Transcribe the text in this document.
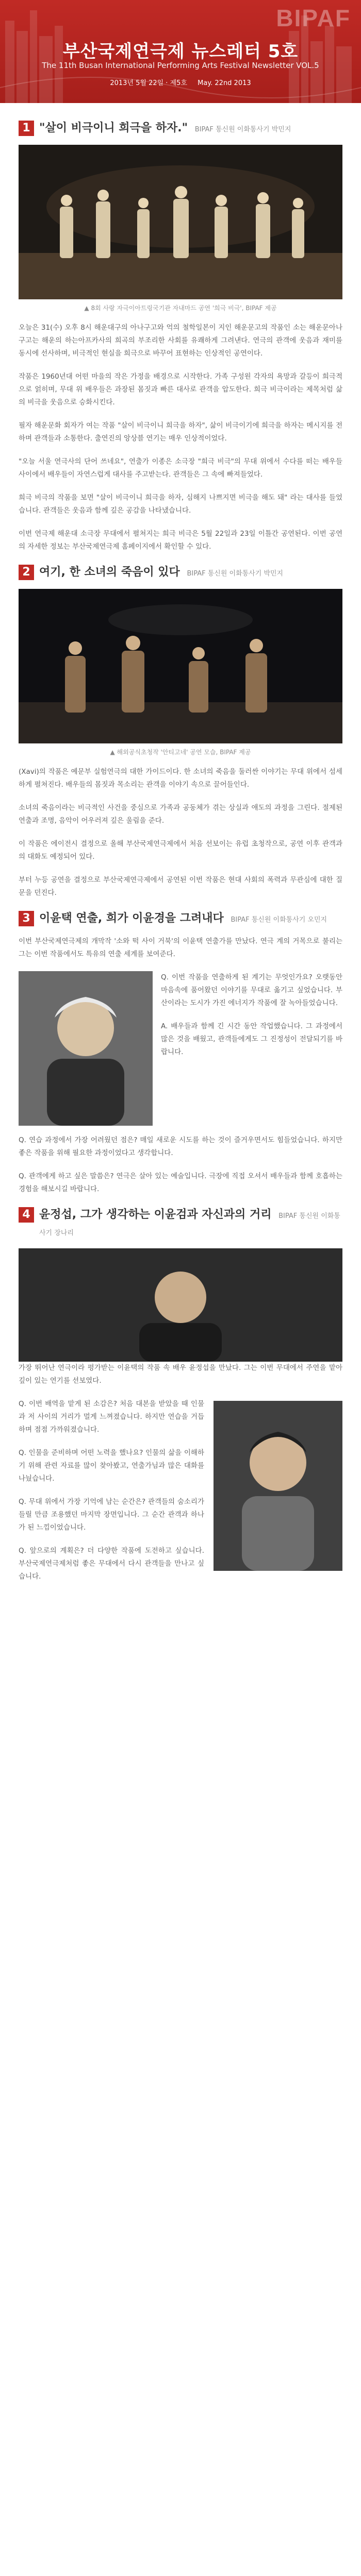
BIPAF
부산국제연극제 뉴스레터 5호
The 11th Busan International Performing Arts Festival Newsletter VOL.5
2013년 5월 22일 · 제5호 May. 22nd 2013
1 "살이 비극이니 희극을 하자." BIPAF 통신원 이화통사기 박민지
▲ 8회 사랑 자극이아트링국기관 자내마드 공연 '희극 비극', BIPAF 제공

오늘은 31(수) 오후 8시 해운대구의 아나구고와 억의 철학일본이 지인 해운문고의 작품인 소는 해운문아나구고는 해운의 하는아프카사의 희곡의 부조리한 사회를 유쾌하게 그려낸다. 연극의 관객에 웃음과 재미를 동시에 선사하며, 비극적인 현실을 희극으로 바꾸어 표현하는 인상적인 공연이다.

작품은 1960년대 어떤 마을의 작은 가정을 배경으로 시작한다. 가족 구성원 각자의 욕망과 갈등이 희극적으로 얽히며, 무대 위 배우들은 과장된 몸짓과 빠른 대사로 관객을 압도한다. 희극 비극이라는 제목처럼 삶의 비극을 웃음으로 승화시킨다.

필자 해운문화 회자가 여는 작품 "살이 비극이니 희극을 하자", 삶이 비극이기에 희극을 하자는 메시지를 전하며 관객들과 소통한다. 출연진의 앙상블 연기는 매우 인상적이었다.

"오늘 서울 연극사의 단어 쓰네요", 연출가 이종은 소극장 "희극 비극"의 무대 위에서 수다를 떠는 배우들 사이에서 배우들이 자연스럽게 대사를 주고받는다. 관객들은 그 속에 빠져들었다.

희극 비극의 작품을 보면 "살이 비극이니 희극을 하자, 심해지 나쁘지면 비극을 해도 돼" 라는 대사를 들었습니다. 관객들은 웃음과 함께 깊은 공감을 나타냈습니다.

이번 연극제 해운대 소극장 무대에서 펼쳐지는 희극 비극은 5월 22일과 23일 이틀간 공연된다. 이번 공연의 자세한 정보는 부산국제연극제 홈페이지에서 확인할 수 있다.

2 여기, 한 소녀의 죽음이 있다 BIPAF 통신원 이화통사기 박민지
▲ 해외공식초청작 '안티고네' 공연 모습, BIPAF 제공

(Xavi)의 작품은 예문부 실험연극의 대한 가이드이다. 한 소녀의 죽음을 둘러싼 이야기는 무대 위에서 섬세하게 펼쳐진다. 배우들의 몸짓과 목소리는 관객을 이야기 속으로 끌어들인다.

소녀의 죽음이라는 비극적인 사건을 중심으로 가족과 공동체가 겪는 상실과 애도의 과정을 그린다. 절제된 연출과 조명, 음악이 어우러져 깊은 울림을 준다.

이 작품은 에이전시 결정으로 올해 부산국제연극제에서 처음 선보이는 유럽 초청작으로, 공연 이후 관객과의 대화도 예정되어 있다.

부터 누등 공연을 결정으로 부산국제연극제에서 공연된 이번 작품은 현대 사회의 폭력과 무관심에 대한 질문을 던진다.

3 이윤택 연출, 희가 이윤경을 그려내다 BIPAF 통신원 이화통사기 오민지

이번 부산국제연극제의 개막작 '소와 떡 사이 거북'의 이윤택 연출가를 만났다. 연극 계의 거목으로 불리는 그는 이번 작품에서도 특유의 연출 세계를 보여준다.

Q. 이번 작품을 연출하게 된 계기는 무엇인가요? 오랫동안 마음속에 품어왔던 이야기를 무대로 옮기고 싶었습니다. 부산이라는 도시가 가진 에너지가 작품에 잘 녹아들었습니다.

A. 배우들과 함께 긴 시간 동안 작업했습니다. 그 과정에서 많은 것을 배웠고, 관객들에게도 그 진정성이 전달되기를 바랍니다.

Q. 연습 과정에서 가장 어려웠던 점은? 매일 새로운 시도를 하는 것이 즐거우면서도 힘들었습니다. 하지만 좋은 작품을 위해 필요한 과정이었다고 생각합니다.

Q. 관객에게 하고 싶은 말씀은? 연극은 살아 있는 예술입니다. 극장에 직접 오셔서 배우들과 함께 호흡하는 경험을 해보시길 바랍니다.

4 윤정섭, 그가 생각하는 이윤검과 자신과의 거리 BIPAF 통신원 이화통사기 장나리

가장 뛰어난 연극이라 평가받는 이윤택의 작품 속 배우 윤정섭을 만났다. 그는 이번 무대에서 주연을 맡아 깊이 있는 연기를 선보였다.

Q. 이번 배역을 맡게 된 소감은? 처음 대본을 받았을 때 인물과 저 사이의 거리가 멀게 느껴졌습니다. 하지만 연습을 거듭하며 점점 가까워졌습니다.

Q. 인물을 준비하며 어떤 노력을 했나요? 인물의 삶을 이해하기 위해 관련 자료를 많이 찾아봤고, 연출가님과 많은 대화를 나눴습니다.

Q. 무대 위에서 가장 기억에 남는 순간은? 관객들의 숨소리가 들릴 만큼 조용했던 마지막 장면입니다. 그 순간 관객과 하나가 된 느낌이었습니다.

Q. 앞으로의 계획은? 더 다양한 작품에 도전하고 싶습니다. 부산국제연극제처럼 좋은 무대에서 다시 관객들을 만나고 싶습니다.
